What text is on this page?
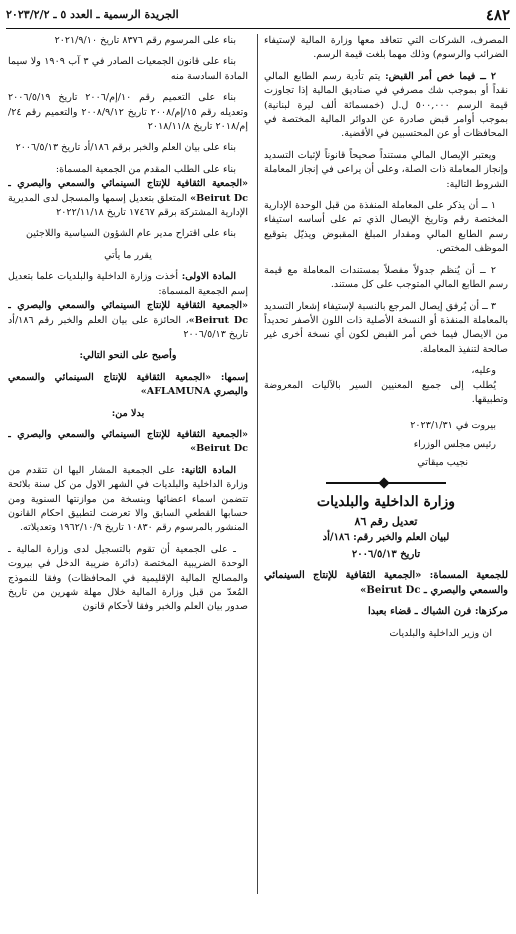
الجريدة الرسمية ـ العدد ٥ ـ ٢٠٢٣/٢/٢	٤٨٢

المصرف، الشركات التي تتعاقد معها وزارة المالية لإستيفاء الضرائب والرسوم) وذلك مهما بلغت قيمة الرسم.

٢ ــ فيما خص أمر القبض: يتم تأدية رسم الطابع المالي نقداً أو بموجب شك مصرفي في صناديق المالية إذا تجاوزت قيمة الرسم ٥٠٠,٠٠٠ ل.ل (خمسمائة ألف ليرة لبنانية) بموجب أوامر قبض صادرة عن الدوائر المالية المختصة في المحافظات أو عن المحتسبين في الأقضية.

ويعتبر الإيصال المالي مستنداً صحيحاً قانوناً لإثبات التسديد وإنجاز المعاملة ذات الصلة، وعلى أن يراعى في إنجاز المعاملة الشروط التالية:

١ ــ أن يذكر على المعاملة المنفذة من قبل الوحدة الإدارية المختصة رقم وتاريخ الإيصال الذي تم على أساسه استيفاء رسم الطابع المالي ومقدار المبلغ المقبوض ويذيّل بتوقيع الموظف المختص.

٢ ــ أن يُنظم جدولاً مفصلاً بمستندات المعاملة مع قيمة رسم الطابع المالي المتوجب على كل مستند.

٣ ــ أن يُرفق إيصال المرجع بالنسبة لإستيفاء إشعار التسديد بالمعاملة المنفذة أو النسخة الأصلية ذات اللون الأصفر تحديداً من الايصال فيما خص أمر القبض لكون أي نسخة أخرى غير صالحة لتنفيذ المعاملة.

وعليه،

يُطلب إلى جميع المعنيين السير بالآليات المعروضة وتطبيقها.

بيروت في ٢٠٢٣/١/٣١

رئيس مجلس الوزراء

نجيب ميقاتي

وزارة الداخلية والبلديات
تعديل رقم ٨٦
لبيان العلم والخبر رقم: ١٨٦/أد
تاريخ ٢٠٠٦/٥/١٣

للجمعية المسماة: «الجمعية الثقافية للإنتاج السينمائي والسمعي والبصري ـ Beirut Dc»

مركزها: فرن الشباك ـ قضاء بعبدا

ان وزير الداخلية والبلديات

بناء على المرسوم رقم ٨٣٧٦ تاريخ ٢٠٢١/٩/١٠

بناء على قانون الجمعيات الصادر في ٣ آب ١٩٠٩ ولا سيما المادة السادسة منه

بناء على التعميم رقم ١٠/إم/٢٠٠٦ تاريخ ٢٠٠٦/٥/١٩ وتعديله رقم ١٥/إم/٢٠٠٨ تاريخ ٢٠٠٨/٩/١٢ والتعميم رقم ٢٤/إم/٢٠١٨ تاريخ ٢٠١٨/١١/٨

بناء على بيان العلم والخبر برقم ١٨٦/أد تاريخ ٢٠٠٦/٥/١٣

بناء على الطلب المقدم من الجمعية المسماة:
«الجمعية الثقافية للإنتاج السينمائي والسمعي والبصري ـ Beirut Dc» المتعلق بتعديل إسمها والمسجل لدى المديرية الإدارية المشتركة برقم ١٧٤٦٧ تاريخ ٢٠٢٢/١١/١٨

بناء على اقتراح مدير عام الشؤون السياسية واللاجئين

يقرر ما يأتي

المادة الاولى: أخذت وزارة الداخلية والبلديات علما بتعديل إسم الجمعية المسماة:
«الجمعية الثقافية للإنتاج السينمائي والسمعي والبصري ـ Beirut Dc»، الحائزة على بيان العلم والخبر رقم ١٨٦/أد تاريخ ٢٠٠٦/٥/١٣

وأصبح على النحو التالي:

إسمها: «الجمعية الثقافية للإنتاج السينمائي والسمعي والبصري AFLAMUNA»

بدلا من:

«الجمعية الثقافية للإنتاج السينمائي والسمعي والبصري ـ Beirut Dc»

المادة الثانية: على الجمعية المشار اليها ان تتقدم من وزارة الداخلية والبلديات في الشهر الاول من كل سنة بلائحة تتضمن اسماء اعضائها وبنسخة من موازنتها السنوية ومن حسابها القطعي السابق والا تعرضت لتطبيق احكام القانون المنشور بالمرسوم رقم ١٠٨٣٠ تاريخ ١٩٦٢/١٠/٩ وتعديلاته.

ـ على الجمعية أن تقوم بالتسجيل لدى وزارة المالية ـ الوحدة الضريبية المختصة (دائرة ضريبة الدخل في بيروت والمصالح المالية الإقليمية في المحافظات) وفقا للنموذج المُعدّ من قبل وزارة المالية خلال مهلة شهرين من تاريخ صدور بيان العلم والخبر وفقا لأحكام قانون
